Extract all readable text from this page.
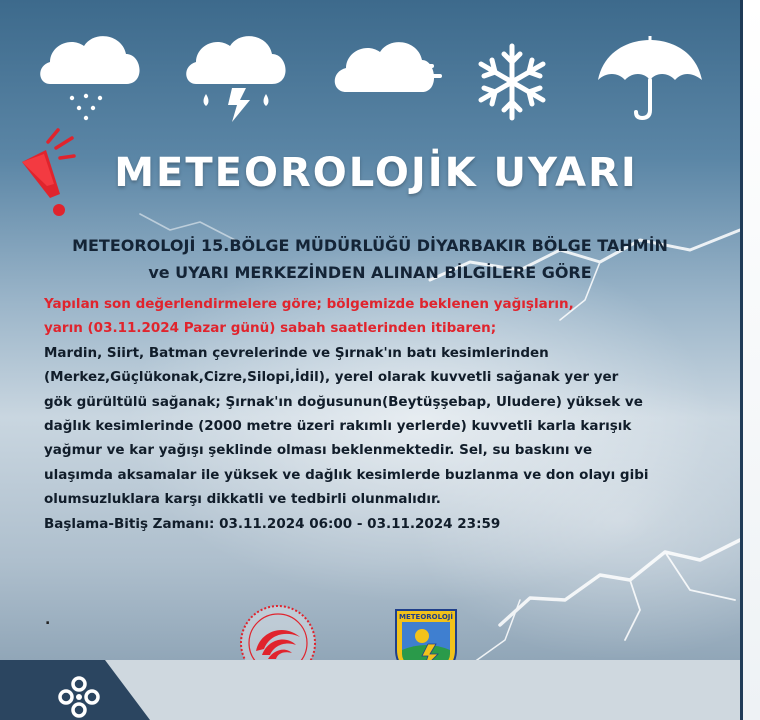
METEOROLOJİK UYARI
METEOROLOJİ 15.BÖLGE MÜDÜRLÜĞÜ DİYARBAKIR BÖLGE TAHMİN
ve UYARI MERKEZİNDEN ALINAN BİLGİLERE GÖRE
Yapılan son değerlendirmelere göre; bölgemizde beklenen yağışların,
yarın (03.11.2024 Pazar günü) sabah saatlerinden itibaren;
Mardin, Siirt, Batman çevrelerinde ve Şırnak'ın batı kesimlerinden
(Merkez,Güçlükonak,Cizre,Silopi,İdil), yerel olarak kuvvetli sağanak yer yer
gök gürültülü sağanak; Şırnak'ın doğusunun(Beytüşşebap, Uludere) yüksek ve
dağlık kesimlerinde (2000 metre üzeri rakımlı yerlerde) kuvvetli karla karışık
yağmur ve kar yağışı şeklinde olması beklenmektedir. Sel, su baskını ve
ulaşımda aksamalar ile yüksek ve dağlık kesimlerde buzlanma ve don olayı gibi
olumsuzluklara karşı dikkatli ve tedbirli olunmalıdır.
Başlama-Bitiş Zamanı: 03.11.2024 06:00 - 03.11.2024 23:59
.	METEOROLOJİ
